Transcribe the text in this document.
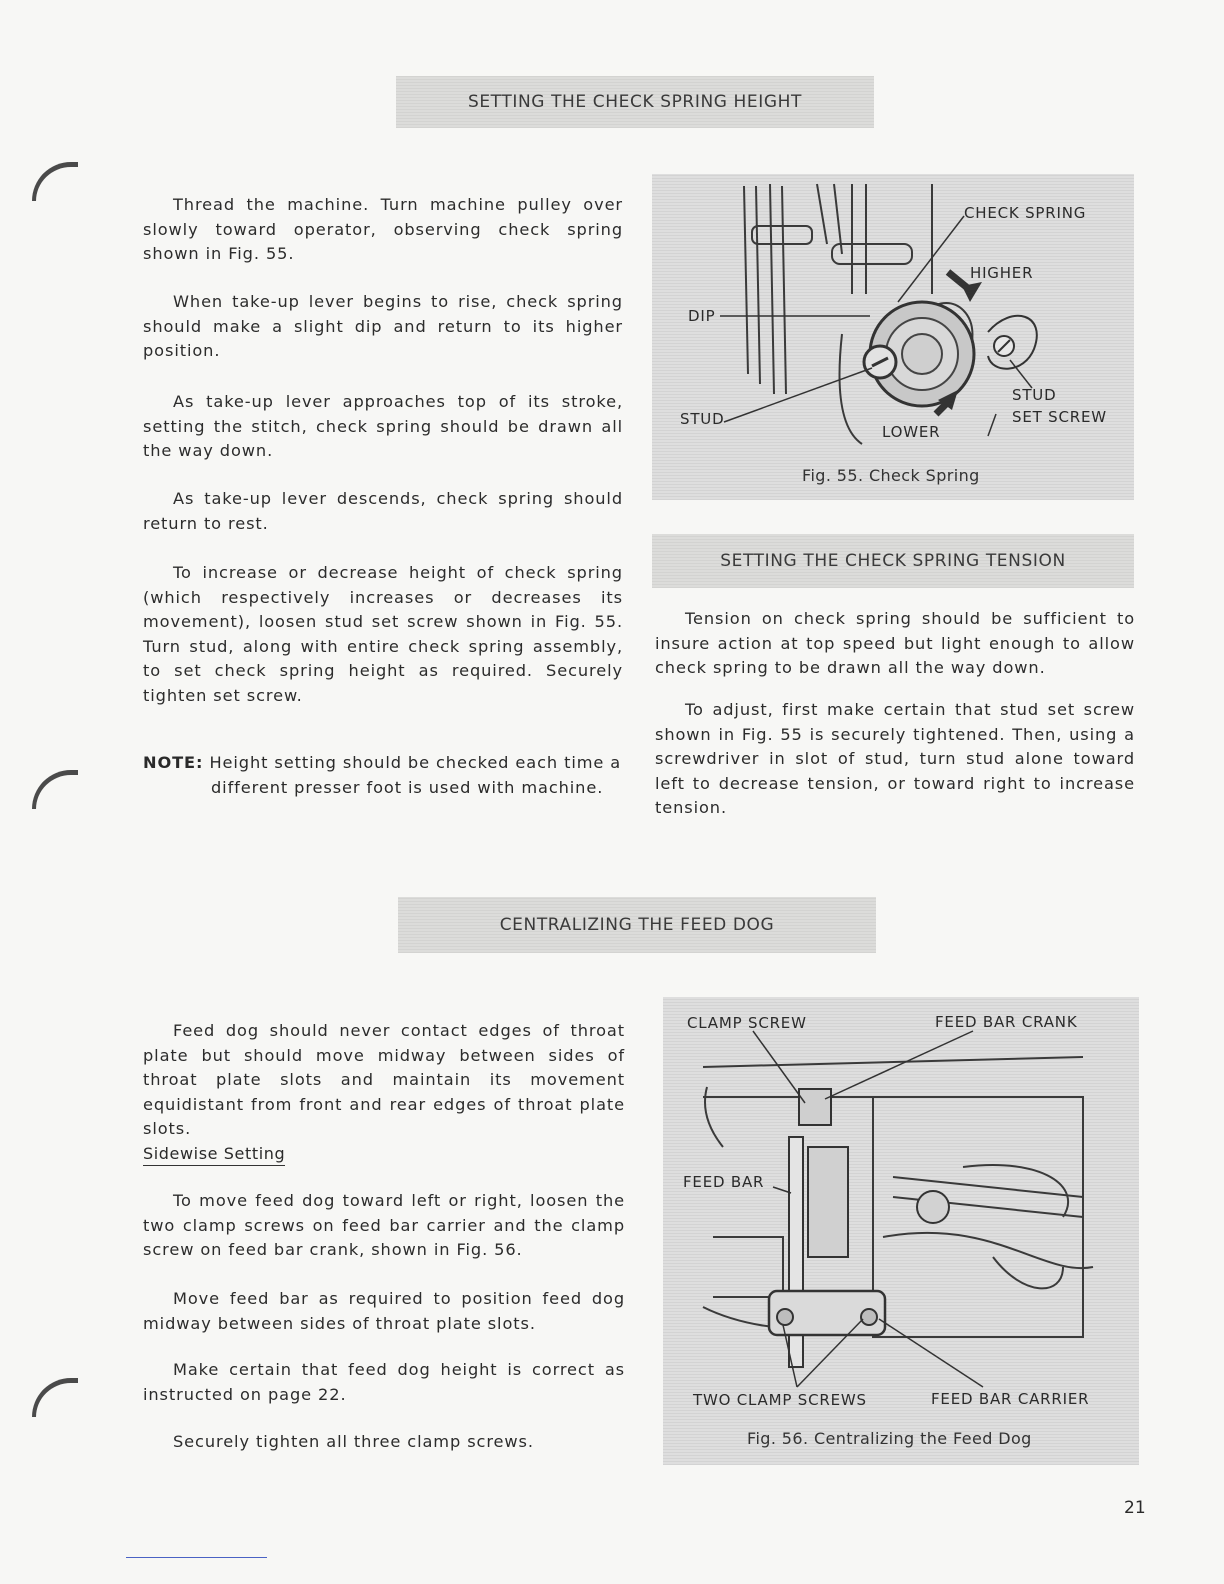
SETTING THE CHECK SPRING HEIGHT

Thread the machine. Turn machine pulley over slowly toward operator, observing check spring shown in Fig. 55.

When take-up lever begins to rise, check spring should make a slight dip and return to its higher position.

As take-up lever approaches top of its stroke, setting the stitch, check spring should be drawn all the way down.

As take-up lever descends, check spring should return to rest.

To increase or decrease height of check spring (which respectively increases or decreases its movement), loosen stud set screw shown in Fig. 55. Turn stud, along with entire check spring assembly, to set check spring height as required. Securely tighten set screw.

NOTE: Height setting should be checked each time a
different presser foot is used with machine.
CHECK SPRING
HIGHER
DIP
STUD
LOWER
STUD
SET SCREW
Fig. 55. Check Spring
SETTING THE CHECK SPRING TENSION

Tension on check spring should be sufficient to insure action at top speed but light enough to allow check spring to be drawn all the way down.

To adjust, first make certain that stud set screw shown in Fig. 55 is securely tightened. Then, using a screwdriver in slot of stud, turn stud alone toward left to decrease tension, or toward right to increase tension.

CENTRALIZING THE FEED DOG

Feed dog should never contact edges of throat plate but should move midway between sides of throat plate slots and maintain its movement equidistant from front and rear edges of throat plate slots.

Sidewise Setting

To move feed dog toward left or right, loosen the two clamp screws on feed bar carrier and the clamp screw on feed bar crank, shown in Fig. 56.

Move feed bar as required to position feed dog midway between sides of throat plate slots.

Make certain that feed dog height is correct as instructed on page 22.

Securely tighten all three clamp screws.

CLAMP SCREW	FEED BAR CRANK
FEED BAR
TWO CLAMP SCREWS	FEED BAR CARRIER
Fig. 56. Centralizing the Feed Dog
21
